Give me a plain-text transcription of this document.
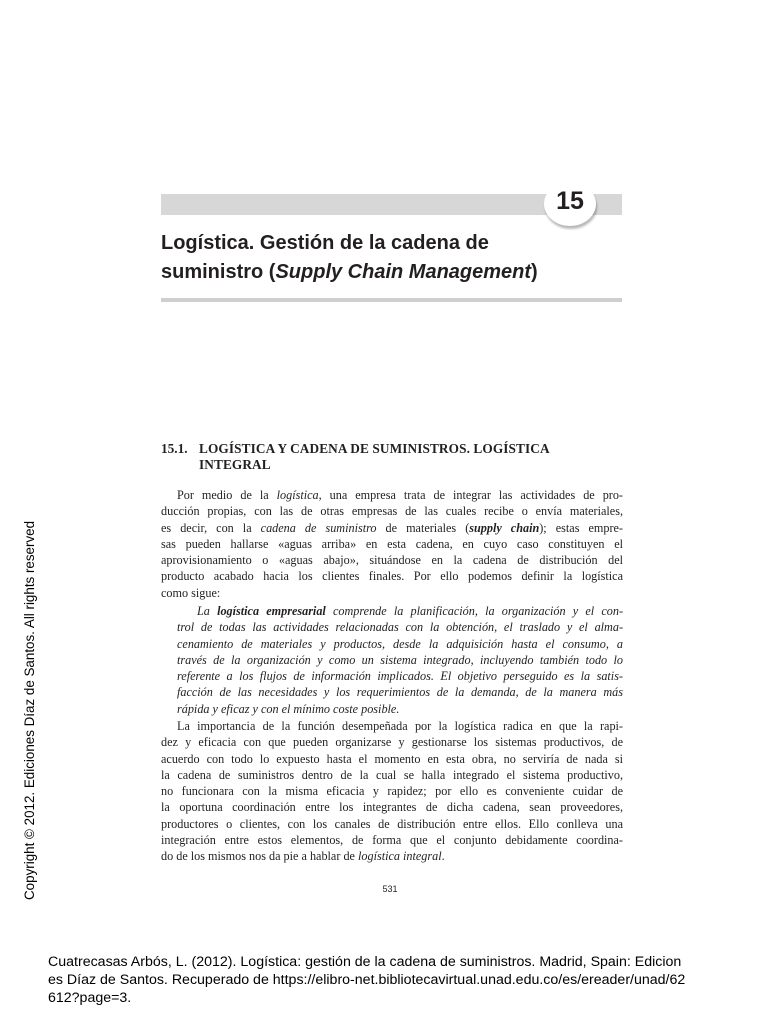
15
Logística. Gestión de la cadena de
suministro (Supply Chain Management)
15.1. LOGÍSTICA Y CADENA DE SUMINISTROS. LOGÍSTICA
INTEGRAL
Por medio de la logística, una empresa trata de integrar las actividades de pro-
ducción propias, con las de otras empresas de las cuales recibe o envía materiales,
es decir, con la cadena de suministro de materiales (supply chain); estas empre-
sas pueden hallarse «aguas arriba» en esta cadena, en cuyo caso constituyen el
aprovisionamiento o «aguas abajo», situándose en la cadena de distribución del
producto acabado hacia los clientes finales. Por ello podemos definir la logística
como sigue:
La logística empresarial comprende la planificación, la organización y el con-
trol de todas las actividades relacionadas con la obtención, el traslado y el alma-
cenamiento de materiales y productos, desde la adquisición hasta el consumo, a
través de la organización y como un sistema integrado, incluyendo también todo lo
referente a los flujos de información implicados. El objetivo perseguido es la satis-
facción de las necesidades y los requerimientos de la demanda, de la manera más
rápida y eficaz y con el mínimo coste posible.
La importancia de la función desempeñada por la logística radica en que la rapi-
dez y eficacia con que pueden organizarse y gestionarse los sistemas productivos, de
acuerdo con todo lo expuesto hasta el momento en esta obra, no serviría de nada si
la cadena de suministros dentro de la cual se halla integrado el sistema productivo,
no funcionara con la misma eficacia y rapidez; por ello es conveniente cuidar de
la oportuna coordinación entre los integrantes de dicha cadena, sean proveedores,
productores o clientes, con los canales de distribución entre ellos. Ello conlleva una
integración entre estos elementos, de forma que el conjunto debidamente coordina-
do de los mismos nos da pie a hablar de logística integral.
531
Copyright © 2012. Ediciones Díaz de Santos. All rights reserved
Cuatrecasas Arbós, L. (2012). Logística: gestión de la cadena de suministros. Madrid, Spain: Edicion
es Díaz de Santos. Recuperado de https://elibro-net.bibliotecavirtual.unad.edu.co/es/ereader/unad/62
612?page=3.
